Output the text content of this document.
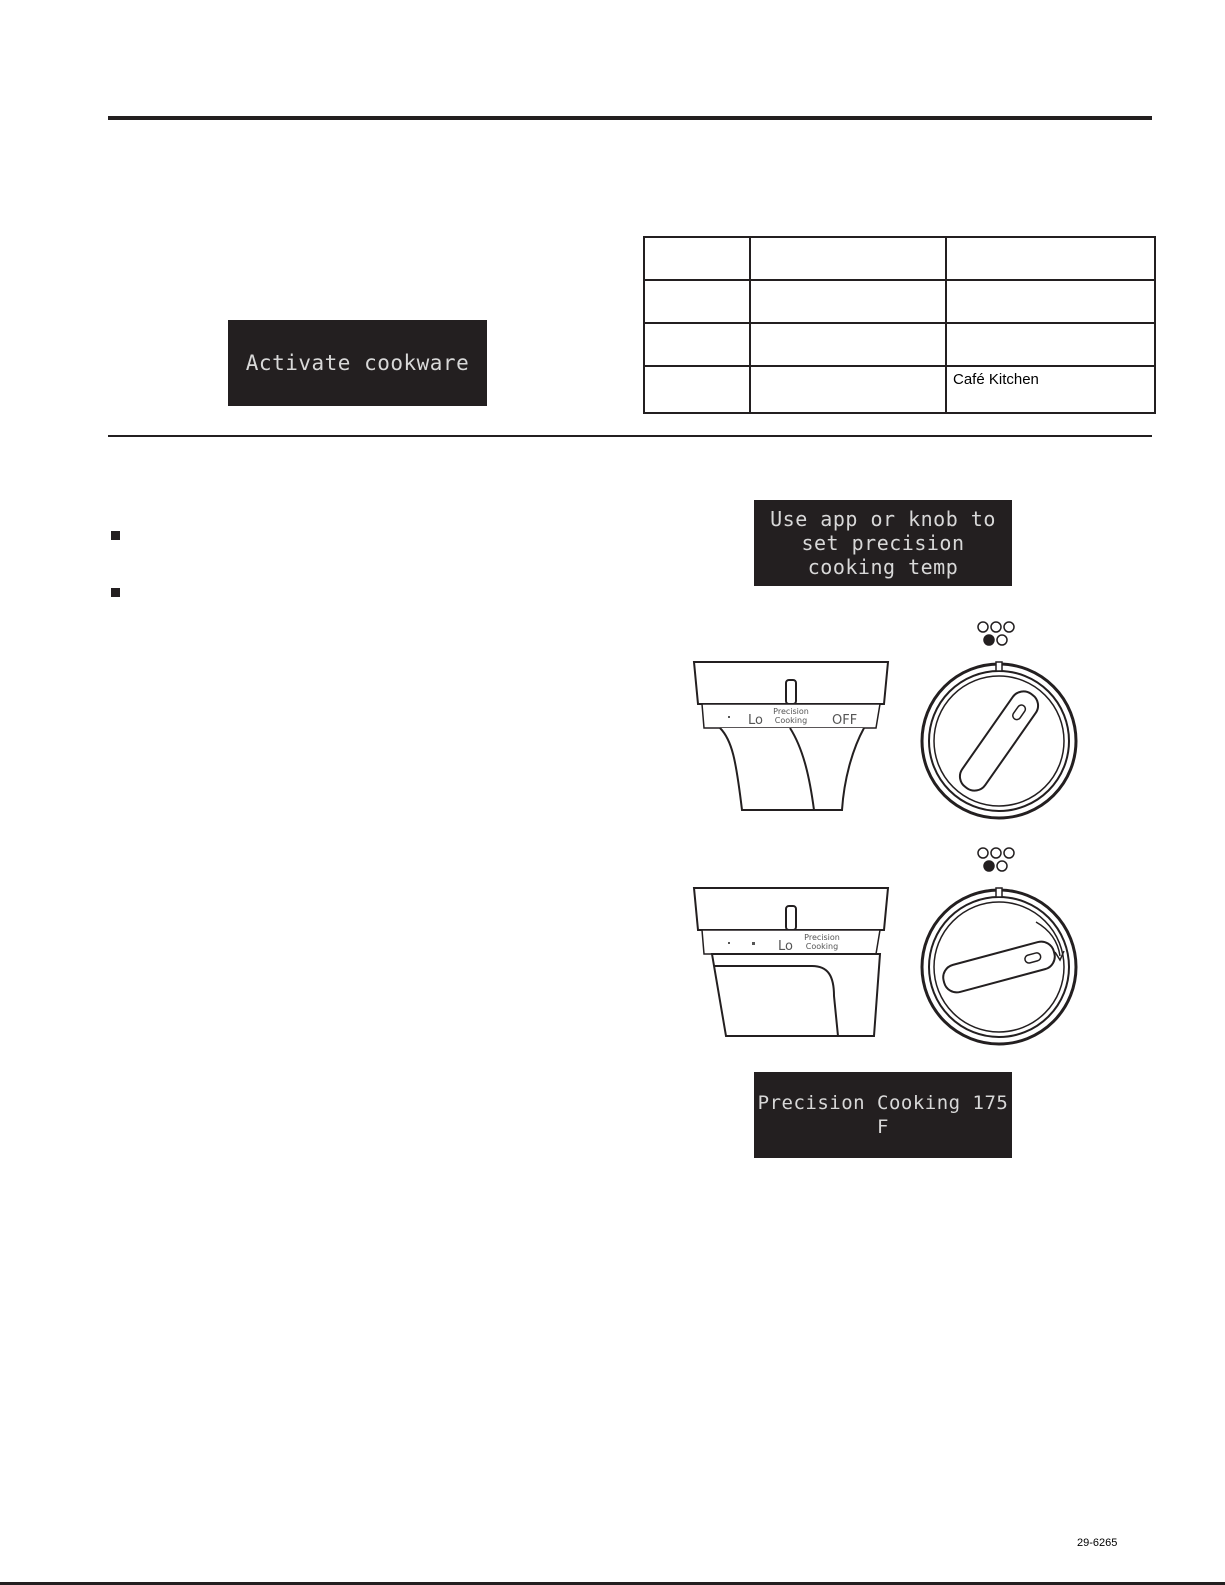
Activate cookware

		Café Kitchen
Use app or knob to set precision cooking temp
Lo
Precision
Cooking OFF
Lo
Precision
Cooking
Precision Cooking 175 F
29-6265
